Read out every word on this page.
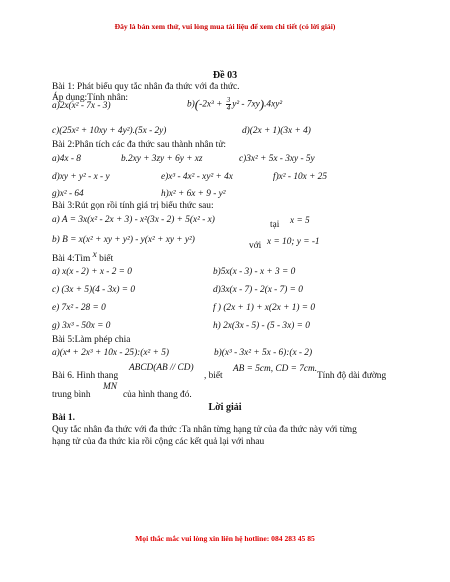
Đây là bản xem thử, vui lòng mua tài liệu để xem chi tiết (có lời giải)
Đề 03
Bài 1: Phát biểu quy tắc nhân đa thức với đa thức.
Áp dụng:Tính nhân:
a)2x(x² - 7x - 3)	$b)(-2x^3 + \frac{3}{4} y^2 - 7xy).4xy^2$
c)(25x² + 10xy + 4y²).(5x - 2y)	d)(2x + 1)(3x + 4)
Bài 2:Phân tích các đa thức sau thành nhân tử:
a)4x - 8	b.2xy + 3zy + 6y + xz	c)3x² + 5x - 3xy - 5y
d)xy + y² - x - y	e)x³ - 4x² - xy² + 4x	f)x² - 10x + 25
g)x² - 64	h)x² + 6x + 9 - y²
Bài 3:Rút gọn rồi tính giá trị biểu thức sau:
a) A = 3x(x² - 2x + 3) - x²(3x - 2) + 5(x² - x)	tại x = 5
b) B = x(x² + xy + y²) - y(x² + xy + y²)
với x = 10; y = -1
Bài 4:Tìm x biết
a) x(x - 2) + x - 2 = 0	b)5x(x - 3) - x + 3 = 0
c) (3x + 5)(4 - 3x) = 0	d)3x(x - 7) - 2(x - 7) = 0
e) 7x² - 28 = 0	f ) (2x + 1) + x(2x + 1) = 0
g) 3x³ - 50x = 0	h) 2x(3x - 5) - (5 - 3x) = 0
Bài 5:Làm phép chia
a)(x⁴ + 2x³ + 10x - 25):(x² + 5)	b)(x³ - 3x² + 5x - 6):(x - 2)
Bài 6. Hình thang
ABCD(AB // CD)
, biết
AB = 5cm, CD = 7cm.
Tính độ dài đường
trung bình
MN
của hình thang đó.
Lời giải
Bài 1.
Quy tắc nhân đa thức với đa thức :Ta nhân từng hạng tử của đa thức này với từng
hạng tử của đa thức kia rồi cộng các kết quả lại với nhau
Mọi thắc mắc vui lòng xin liên hệ hotline: 084 283 45 85
